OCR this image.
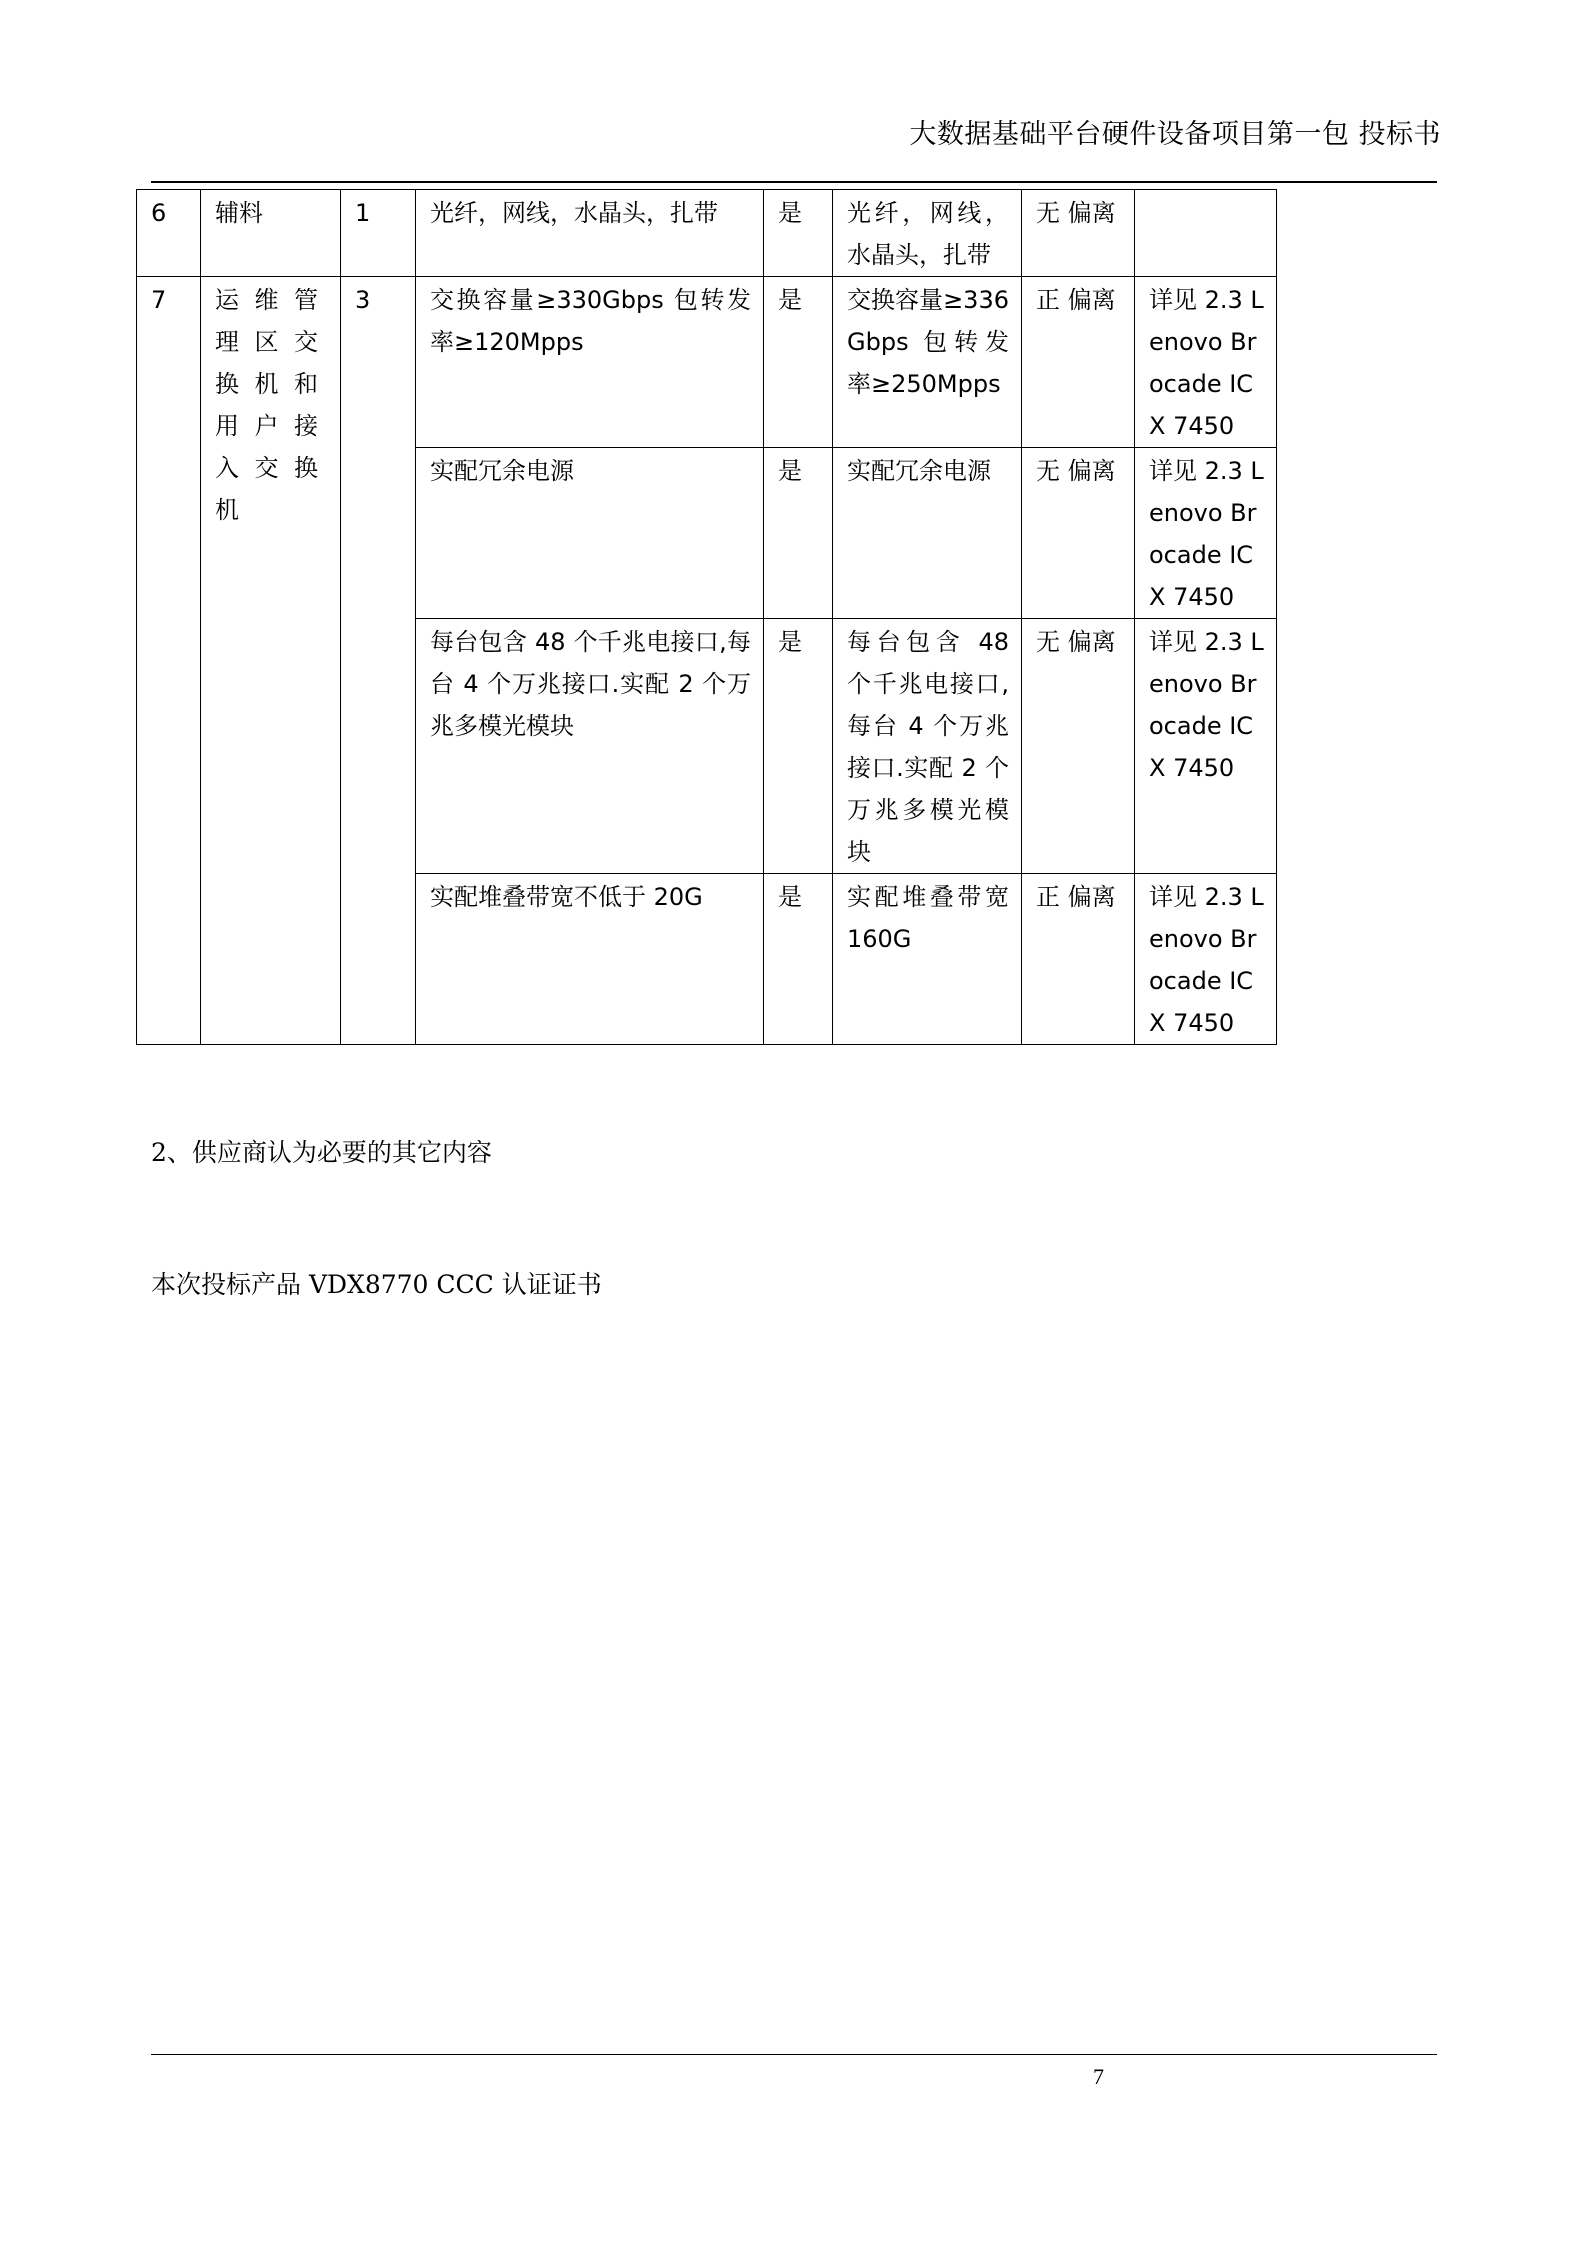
大数据基础平台硬件设备项目第一包 投标书
6	辅料	1	光纤，网线，水晶头，扎带	是	光纤，网线，水晶头，扎带	无 偏离	
7	运维管理区交换机和用户接入交换机	3	交换容量≥330Gbps 包转发率≥120Mpps	是	交换容量≥336Gbps 包转发率≥250Mpps	正 偏离	详见 2.3 Lenovo Brocade ICX 7450
			实配冗余电源	是	实配冗余电源	无 偏离	详见 2.3 Lenovo Brocade ICX 7450
			每台包含 48 个千兆电接口,每台 4 个万兆接口.实配 2 个万兆多模光模块	是	每台包含 48 个千兆电接口,每台 4 个万兆接口.实配 2 个万兆多模光模块	无 偏离	详见 2.3 Lenovo Brocade ICX 7450
			实配堆叠带宽不低于 20G	是	实配堆叠带宽 160G	正 偏离	详见 2.3 Lenovo Brocade ICX 7450
2、供应商认为必要的其它内容
本次投标产品 VDX8770 CCC 认证证书
7
